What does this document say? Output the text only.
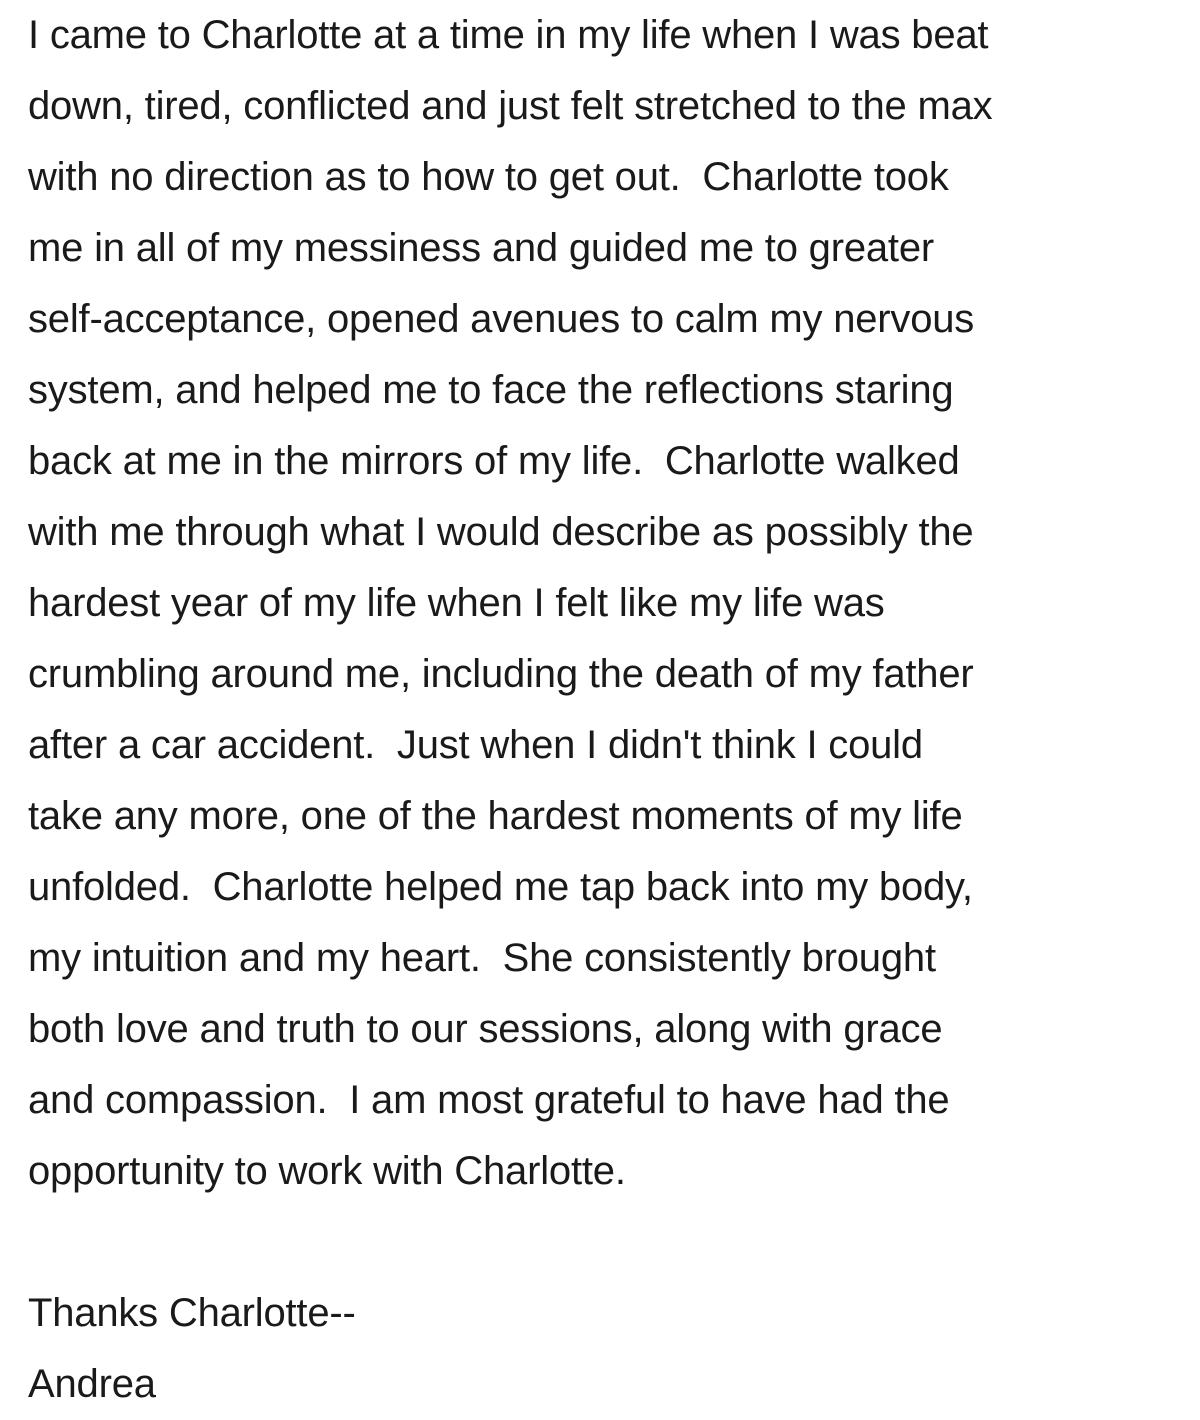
I came to Charlotte at a time in my life when I was beat
down, tired, conflicted and just felt stretched to the max
with no direction as to how to get out.  Charlotte took
me in all of my messiness and guided me to greater
self-acceptance, opened avenues to calm my nervous
system, and helped me to face the reflections staring
back at me in the mirrors of my life.  Charlotte walked
with me through what I would describe as possibly the
hardest year of my life when I felt like my life was
crumbling around me, including the death of my father
after a car accident.  Just when I didn't think I could
take any more, one of the hardest moments of my life
unfolded.  Charlotte helped me tap back into my body,
my intuition and my heart.  She consistently brought
both love and truth to our sessions, along with grace
and compassion.  I am most grateful to have had the
opportunity to work with Charlotte.
Thanks Charlotte--
Andrea
